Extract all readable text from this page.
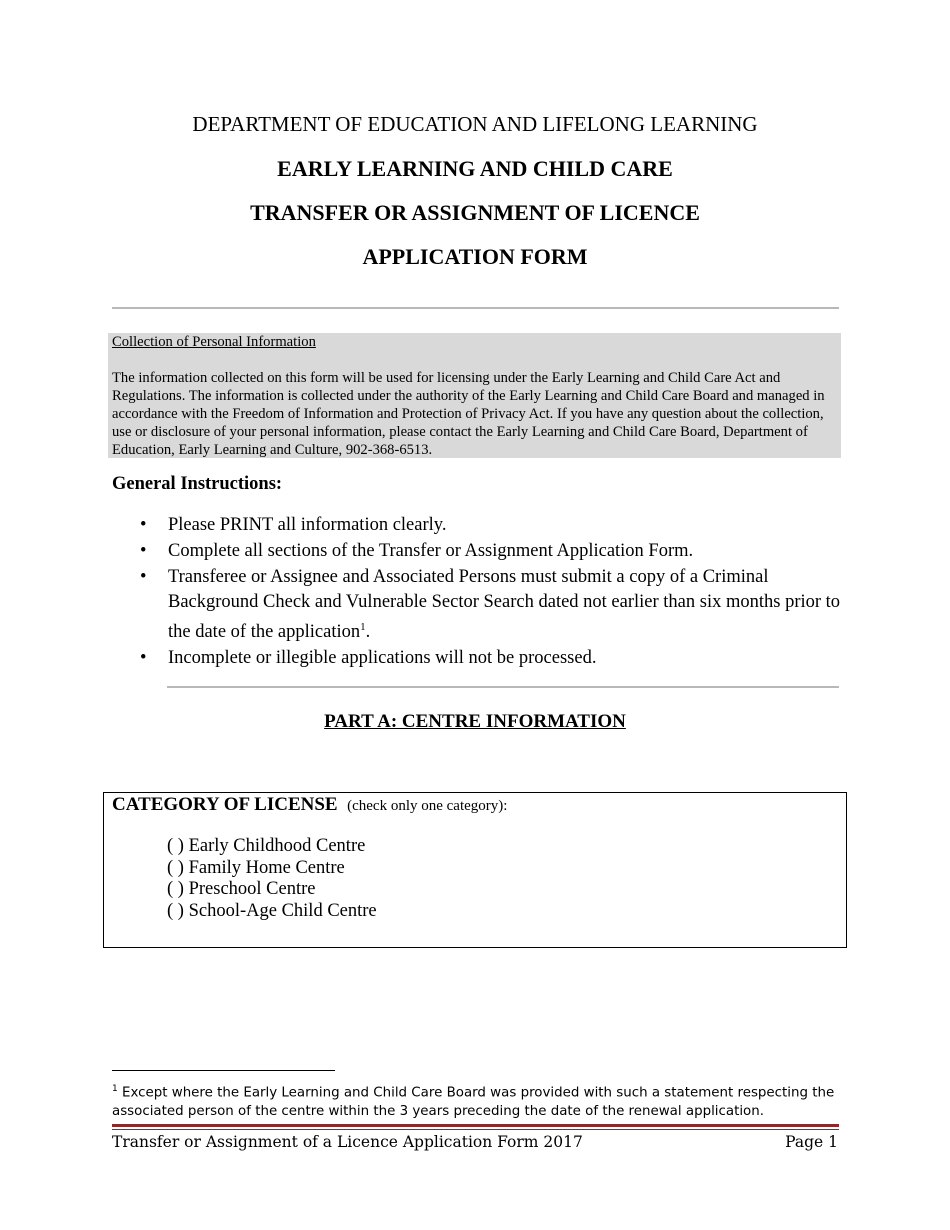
DEPARTMENT OF EDUCATION AND LIFELONG LEARNING
EARLY LEARNING AND CHILD CARE
TRANSFER OR ASSIGNMENT OF LICENCE
APPLICATION FORM
Collection of Personal Information
The information collected on this form will be used for licensing under the Early Learning and Child Care Act and Regulations. The information is collected under the authority of the Early Learning and Child Care Board and managed in accordance with the Freedom of Information and Protection of Privacy Act. If you have any question about the collection, use or disclosure of your personal information, please contact the Early Learning and Child Care Board, Department of Education, Early Learning and Culture, 902-368-6513.
General Instructions:
• Please PRINT all information clearly.
• Complete all sections of the Transfer or Assignment Application Form.
• Transferee or Assignee and Associated Persons must submit a copy of a Criminal Background Check and Vulnerable Sector Search dated not earlier than six months prior to the date of the application$^1$.
• Incomplete or illegible applications will not be processed.
PART A: CENTRE INFORMATION
CATEGORY OF LICENSE (check only one category):
( ) Early Childhood Centre
( ) Family Home Centre
( ) Preschool Centre
( ) School-Age Child Centre
$^1$ Except where the Early Learning and Child Care Board was provided with such a statement respecting the associated person of the centre within the 3 years preceding the date of the renewal application.
Transfer or Assignment of a Licence Application Form 2017	Page 1
